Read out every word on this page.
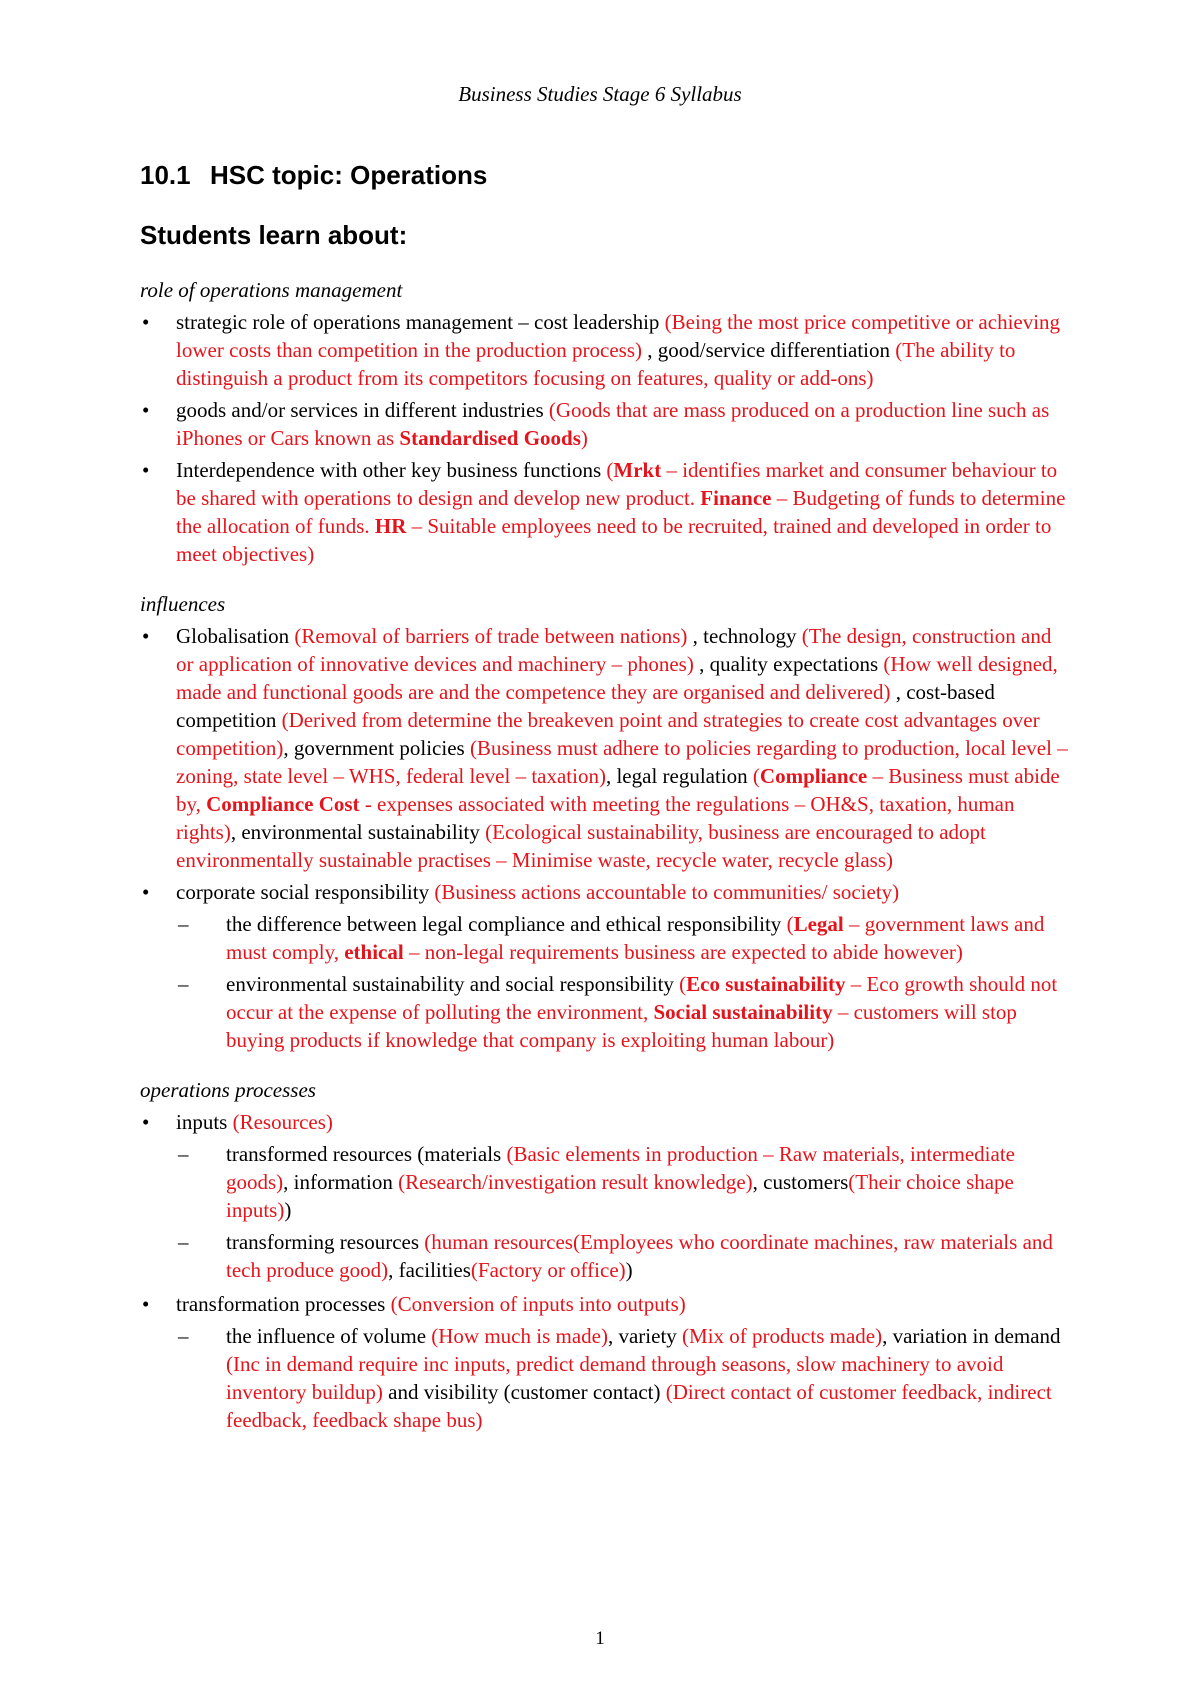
Business Studies Stage 6 Syllabus
10.1 HSC topic: Operations
Students learn about:
role of operations management
• strategic role of operations management – cost leadership (Being the most price competitive or achieving lower costs than competition in the production process) , good/service differentiation (The ability to distinguish a product from its competitors focusing on features, quality or add-ons)
• goods and/or services in different industries (Goods that are mass produced on a production line such as iPhones or Cars known as Standardised Goods)
• Interdependence with other key business functions (Mrkt – identifies market and consumer behaviour to be shared with operations to design and develop new product. Finance – Budgeting of funds to determine the allocation of funds. HR – Suitable employees need to be recruited, trained and developed in order to meet objectives)
influences
• Globalisation (Removal of barriers of trade between nations) , technology (The design, construction and or application of innovative devices and machinery – phones) , quality expectations (How well designed, made and functional goods are and the competence they are organised and delivered) , cost-based competition (Derived from determine the breakeven point and strategies to create cost advantages over competition), government policies (Business must adhere to policies regarding to production, local level – zoning, state level – WHS, federal level – taxation), legal regulation (Compliance – Business must abide by, Compliance Cost - expenses associated with meeting the regulations – OH&S, taxation, human rights), environmental sustainability (Ecological sustainability, business are encouraged to adopt environmentally sustainable practises – Minimise waste, recycle water, recycle glass)
• corporate social responsibility (Business actions accountable to communities/ society)
– the difference between legal compliance and ethical responsibility (Legal – government laws and must comply, ethical – non-legal requirements business are expected to abide however)
– environmental sustainability and social responsibility (Eco sustainability – Eco growth should not occur at the expense of polluting the environment, Social sustainability – customers will stop buying products if knowledge that company is exploiting human labour)
operations processes
• inputs (Resources)
– transformed resources (materials (Basic elements in production – Raw materials, intermediate goods), information (Research/investigation result knowledge), customers(Their choice shape inputs))
– transforming resources (human resources(Employees who coordinate machines, raw materials and tech produce good), facilities(Factory or office))
• transformation processes (Conversion of inputs into outputs)
– the influence of volume (How much is made), variety (Mix of products made), variation in demand (Inc in demand require inc inputs, predict demand through seasons, slow machinery to avoid inventory buildup) and visibility (customer contact) (Direct contact of customer feedback, indirect feedback, feedback shape bus)
1
